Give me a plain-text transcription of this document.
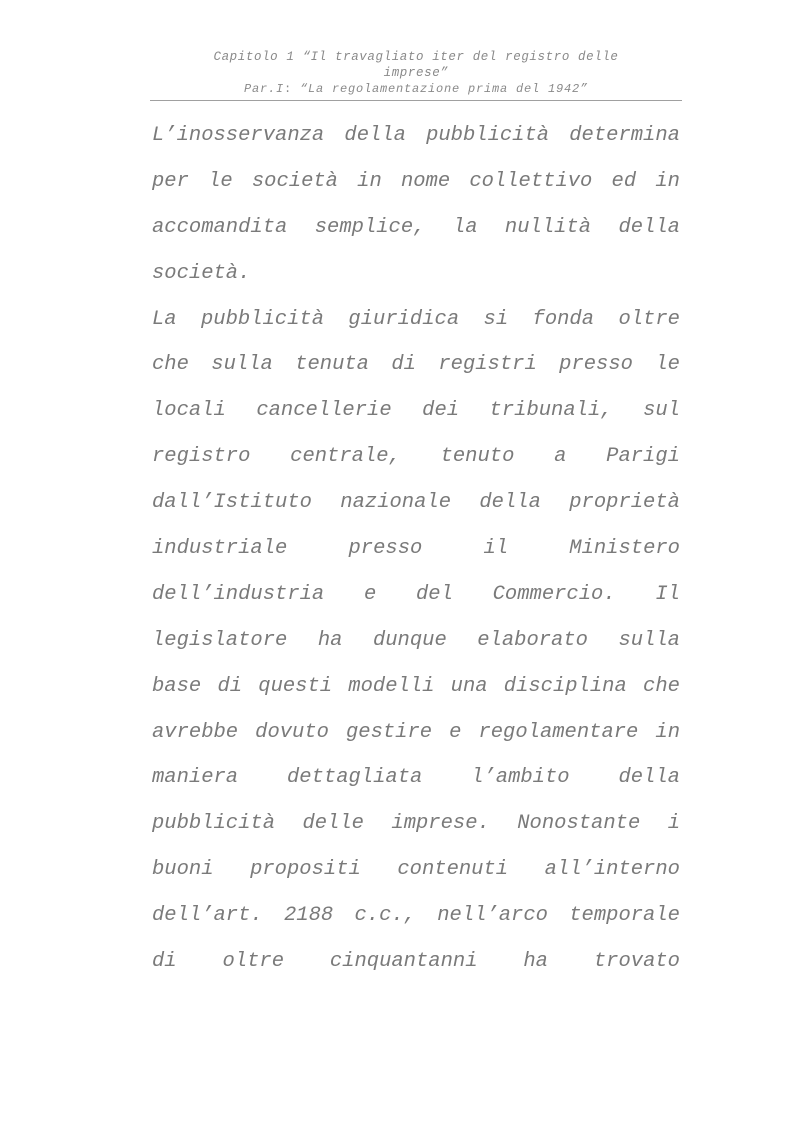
Capitolo 1 “Il travagliato iter del registro delle
imprese”
Par.I: “La regolamentazione prima del 1942”
L’inosservanza della pubblicità determina
per le società in nome collettivo ed in
accomandita semplice, la nullità della
società.
La pubblicità giuridica si fonda oltre
che sulla tenuta di registri presso le
locali cancellerie dei tribunali, sul
registro centrale, tenuto a Parigi
dall’Istituto nazionale della proprietà
industriale	presso	il	Ministero
dell’industria e del Commercio. Il
legislatore ha dunque elaborato sulla
base di questi modelli una disciplina che
avrebbe dovuto gestire e regolamentare in
maniera dettagliata l’ambito della
pubblicità delle imprese. Nonostante i
buoni propositi contenuti all’interno
dell’art. 2188 c.c., nell’arco temporale
di oltre cinquantanni ha trovato
